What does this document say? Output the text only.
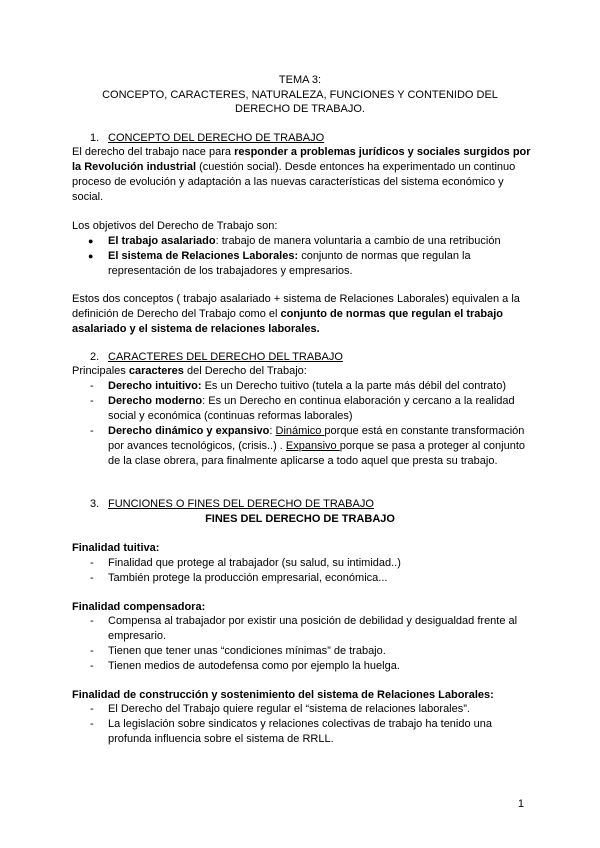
TEMA 3:
CONCEPTO, CARACTERES, NATURALEZA, FUNCIONES Y CONTENIDO DEL
DERECHO DE TRABAJO.
1. CONCEPTO DEL DERECHO DE TRABAJO
El derecho del trabajo nace para responder a problemas jurídicos y sociales surgidos por la Revolución industrial (cuestión social). Desde entonces ha experimentado un continuo proceso de evolución y adaptación a las nuevas características del sistema económico y social.
Los objetivos del Derecho de Trabajo son:
● El trabajo asalariado: trabajo de manera voluntaria a cambio de una retribución
● El sistema de Relaciones Laborales: conjunto de normas que regulan la representación de los trabajadores y empresarios.
Estos dos conceptos ( trabajo asalariado + sistema de Relaciones Laborales) equivalen a la definición de Derecho del Trabajo como el conjunto de normas que regulan el trabajo asalariado y el sistema de relaciones laborales.
2. CARACTERES DEL DERECHO DEL TRABAJO
Principales caracteres del Derecho del Trabajo:
- Derecho intuitivo: Es un Derecho tuitivo (tutela a la parte más débil del contrato)
- Derecho moderno: Es un Derecho en continua elaboración y cercano a la realidad social y económica (continuas reformas laborales)
- Derecho dinámico y expansivo: Dinámico porque está en constante transformación por avances tecnológicos, (crisis..) . Expansivo porque se pasa a proteger al conjunto de la clase obrera, para finalmente aplicarse a todo aquel que presta su trabajo.
3. FUNCIONES O FINES DEL DERECHO DE TRABAJO
FINES DEL DERECHO DE TRABAJO
Finalidad tuitiva:
- Finalidad que protege al trabajador (su salud, su intimidad..)
- También protege la producción empresarial, económica...
Finalidad compensadora:
- Compensa al trabajador por existir una posición de debilidad y desigualdad frente al empresario.
- Tienen que tener unas “condiciones mínimas” de trabajo.
- Tienen medios de autodefensa como por ejemplo la huelga.
Finalidad de construcción y sostenimiento del sistema de Relaciones Laborales:
- El Derecho del Trabajo quiere regular el “sistema de relaciones laborales”.
- La legislación sobre sindicatos y relaciones colectivas de trabajo ha tenido una profunda influencia sobre el sistema de RRLL.
1
